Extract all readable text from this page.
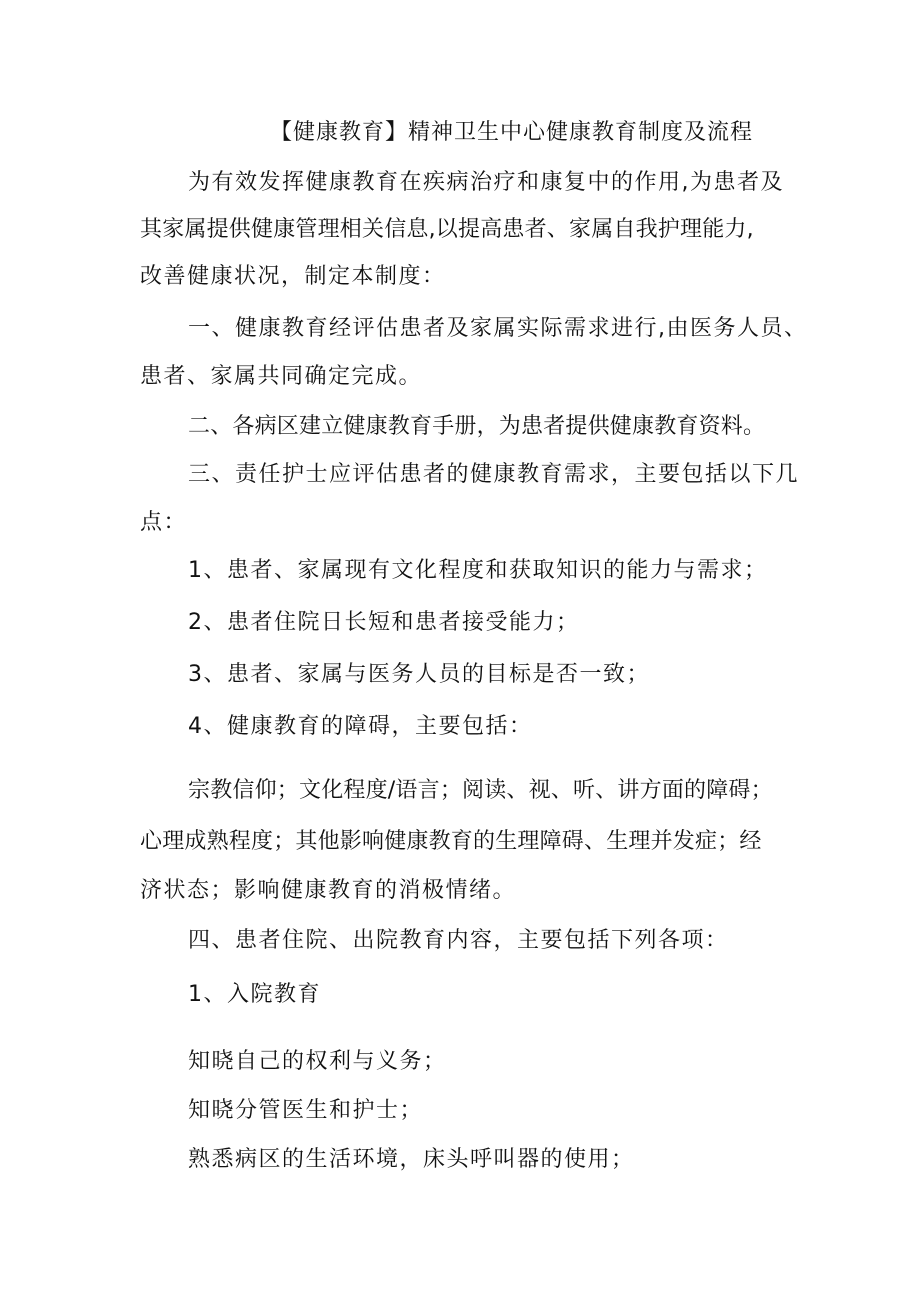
【健康教育】精神卫生中心健康教育制度及流程
为有效发挥健康教育在疾病治疗和康复中的作用,为患者及
其家属提供健康管理相关信息,以提高患者、家属自我护理能力,
改善健康状况，制定本制度：
一、健康教育经评估患者及家属实际需求进行,由医务人员、
患者、家属共同确定完成。
二、各病区建立健康教育手册，为患者提供健康教育资料。
三、责任护士应评估患者的健康教育需求，主要包括以下几
点：
1、患者、家属现有文化程度和获取知识的能力与需求；
2、患者住院日长短和患者接受能力；
3、患者、家属与医务人员的目标是否一致；
4、健康教育的障碍，主要包括：
宗教信仰；文化程度/语言；阅读、视、听、讲方面的障碍；
心理成熟程度；其他影响健康教育的生理障碍、生理并发症；经
济状态；影响健康教育的消极情绪。
四、患者住院、出院教育内容，主要包括下列各项：
1、入院教育
知晓自己的权利与义务；
知晓分管医生和护士；
熟悉病区的生活环境，床头呼叫器的使用；
